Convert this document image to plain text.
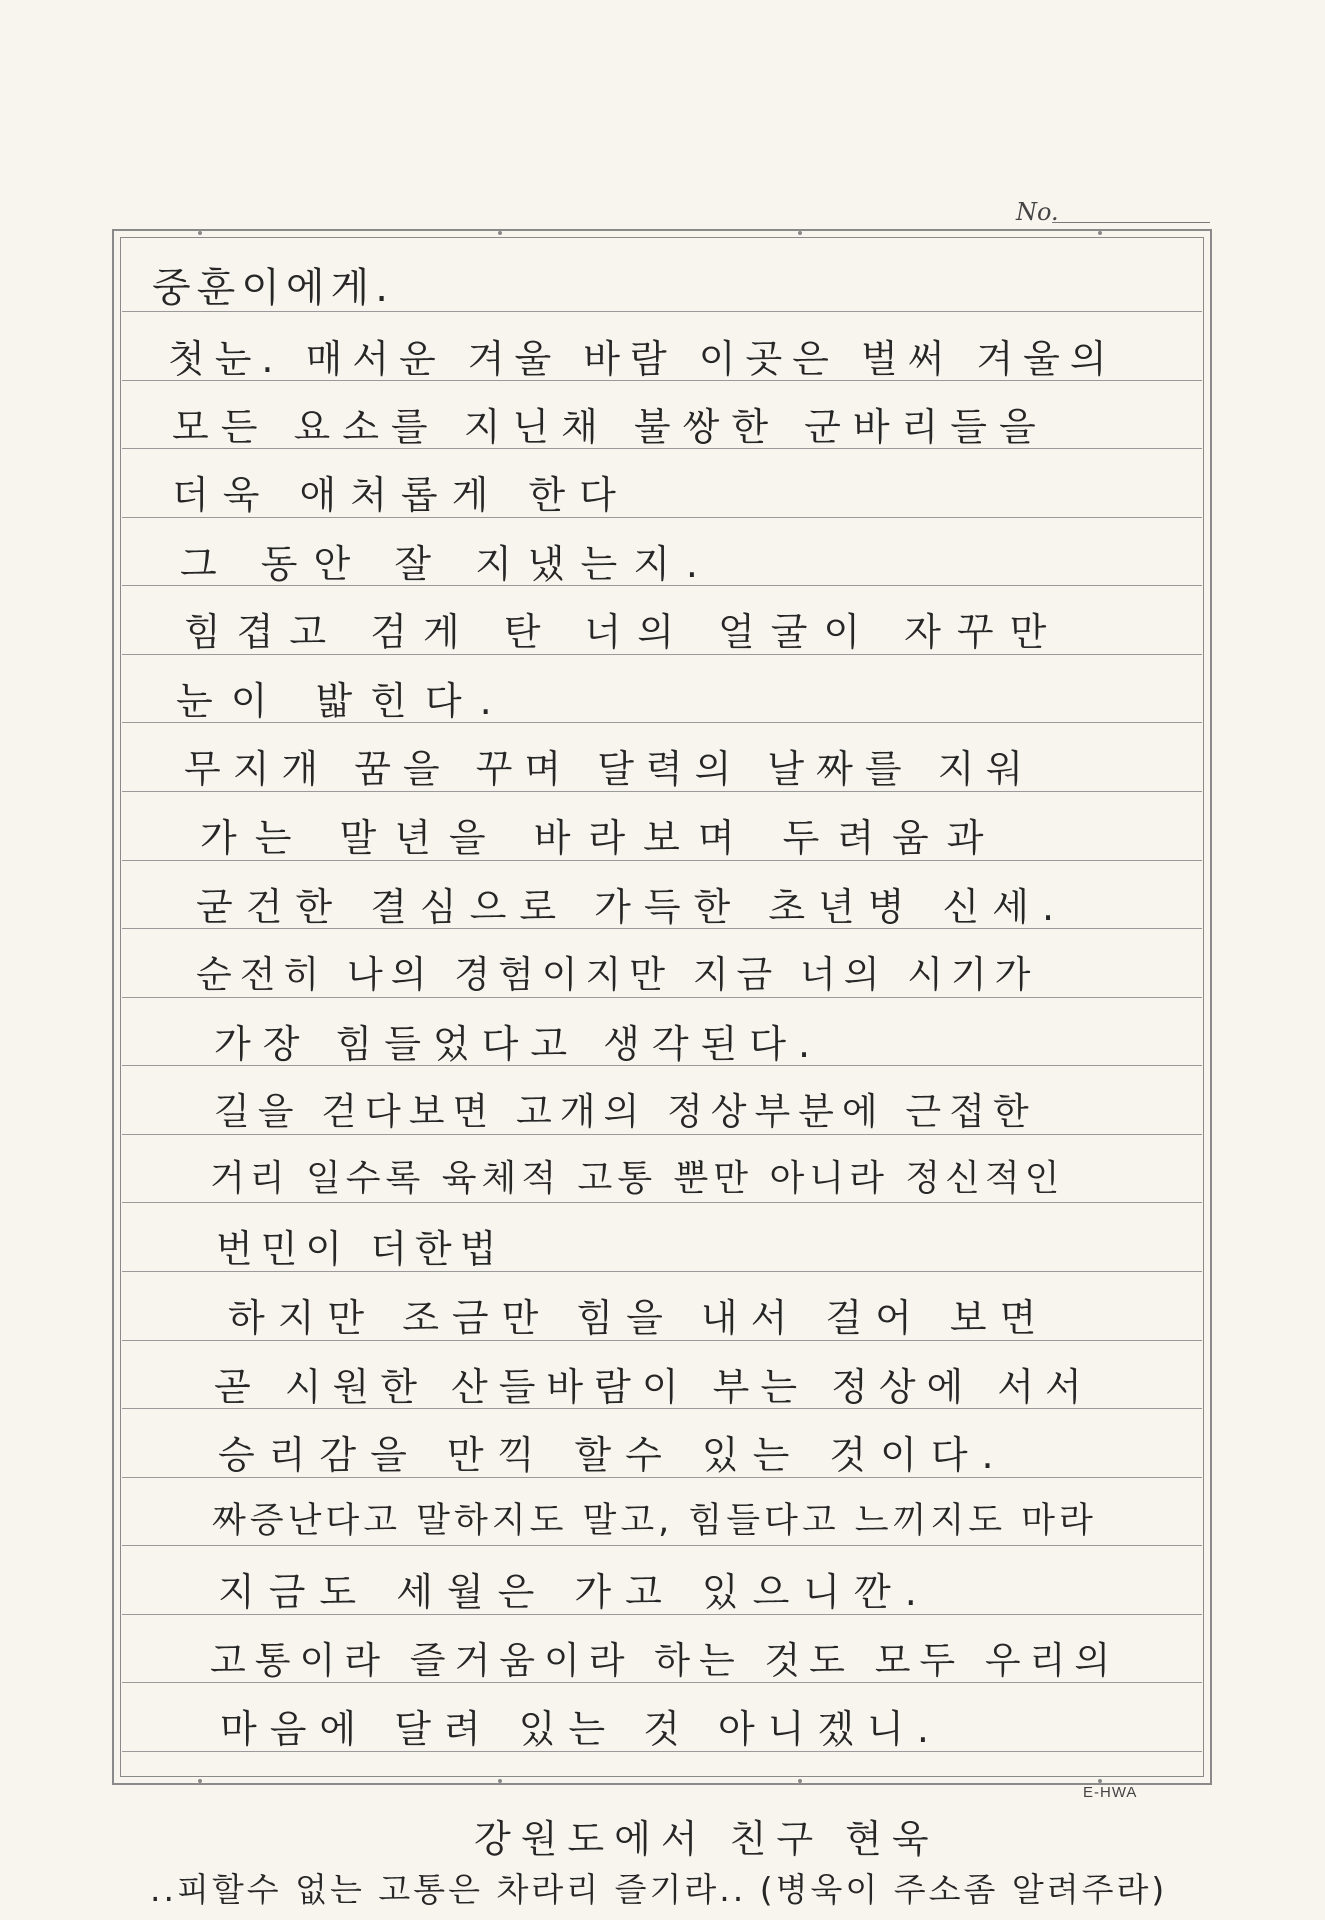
No.
중훈이에게.
첫눈. 매서운 겨울 바람 이곳은 벌써 겨울의
모든 요소를 지닌채 불쌍한 군바리들을
더욱 애처롭게 한다
그 동안 잘 지냈는지.
힘겹고 검게 탄 너의 얼굴이 자꾸만
눈이 밟힌다.
무지개 꿈을 꾸며 달력의 날짜를 지워
가는 말년을 바라보며 두려움과
굳건한 결심으로 가득한 초년병 신세.
순전히 나의 경험이지만 지금 너의 시기가
가장 힘들었다고 생각된다.
길을 걷다보면 고개의 정상부분에 근접한
거리 일수록 육체적 고통 뿐만 아니라 정신적인
번민이 더한법
하지만 조금만 힘을 내서 걸어 보면
곧 시원한 산들바람이 부는 정상에 서서
승리감을 만끽 할수 있는 것이다.
짜증난다고 말하지도 말고, 힘들다고 느끼지도 마라
지금도 세월은 가고 있으니깐.
고통이라 즐거움이라 하는 것도 모두 우리의
마음에 달려 있는 것 아니겠니.
E-HWA
강원도에서 친구 현욱
..피할수 없는 고통은 차라리 즐기라.. (병욱이 주소좀 알려주라)
